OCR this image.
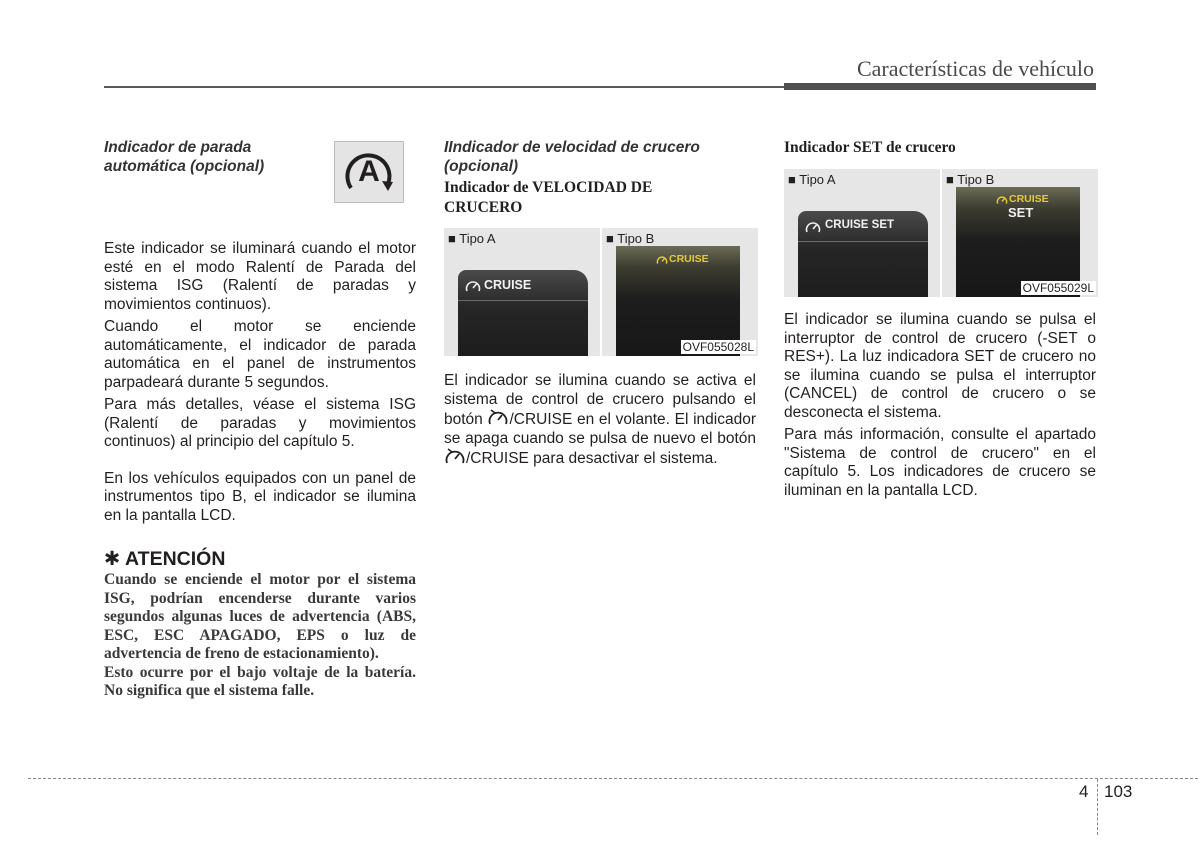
Características de vehículo
Indicador de parada
automática (opcional)	A

Este indicador se iluminará cuando el motor esté en el modo Ralentí de Parada del sistema ISG (Ralentí de paradas y movimientos continuos).

Cuando el motor se enciende automáticamente, el indicador de parada automática en el panel de instrumentos parpadeará durante 5 segundos.

Para más detalles, véase el sistema ISG (Ralentí de paradas y movimientos continuos) al principio del capítulo 5.

En los vehículos equipados con un panel de instrumentos tipo B, el indicador se ilumina en la pantalla LCD.

✱ ATENCIÓN

Cuando se enciende el motor por el sistema ISG, podrían encenderse durante varios segundos algunas luces de advertencia (ABS, ESC, ESC APAGADO, EPS o luz de advertencia de freno de estacionamiento).

Esto ocurre por el bajo voltaje de la batería. No significa que el sistema falle.

IIndicador de velocidad de crucero
(opcional)
Indicador de VELOCIDAD DE CRUCERO
■ Tipo A
CRUISE
■ Tipo B
CRUISE
OVF055028L

El indicador se ilumina cuando se activa el sistema de control de crucero pulsando el botón /CRUISE en el volante. El indicador se apaga cuando se pulsa de nuevo el botón /CRUISE para desactivar el sistema.

Indicador SET de crucero
■ Tipo A
CRUISE SET
■ Tipo B
CRUISE
SET
OVF055029L

El indicador se ilumina cuando se pulsa el interruptor de control de crucero (-SET o RES+). La luz indicadora SET de crucero no se ilumina cuando se pulsa el interruptor (CANCEL) de control de crucero o se desconecta el sistema.

Para más información, consulte el apartado "Sistema de control de crucero" en el capítulo 5. Los indicadores de crucero se iluminan en la pantalla LCD.

4 103
